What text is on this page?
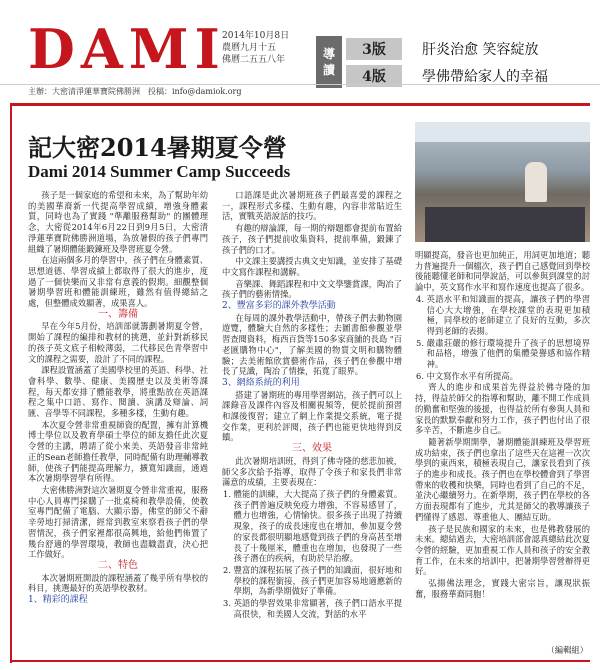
DAMI
2014年10月8日
農曆九月十五
佛曆二五五八年	導
讀
3版	肝炎治愈 笑容綻放
4版	學佛帶給家人的幸福
主辦：大密清淨蓮華寶院佛勝洲　投稿：info@damiok.org
記大密2014暑期夏令營
Dami 2014 Summer Camp Succeeds

孩子是一個家庭的希望和未來，為了幫助年幼的美國華裔新一代提高學習成績，增強身體素質，同時也為了實踐 "準離服務幫助" 的團體理念，大密從2014年6月22日到9月5日，大密清淨蓮華寶院佛勝洲道場，為放暑假的孩子們專門組織了暑期體能鍛鍊班及學習班夏令營。

在這兩個多月的學習中，孩子們在身體素質、思想道德、學習成績上都取得了很大的進步，度過了一個快樂而又非常有意義的假期。細觀整個暑期學習班和體能訓練班，雖然有值得總結之處，但整體成效顯著，成果喜人。

一、籌備

早在今年5月份，培訓部就籌劃暑期夏令營，開始了課程的編排和教材的挑選，並針對新移民的孩子英文底子相較薄弱，二代移民色青學習中文的課程之需要，設計了不同的課程。

課程設置涵蓋了美國學校里的英語、科學、社會科學、數學、健康、美國歷史以及美術等課程，每天都安排了體能教學，將重點放在英語課程之集中口語、寫作、閱讀、演講及辯論、詞匯、音學等不同課程，多種多樣，生動有趣。

本次夏令營非常重視師資的配置，擁有計算機博士學位以及教育學碩士學位的師友擔任此次夏令營的主講，聘請了從小來美、英語發音非常純正的Sean老師擔任教學，同時配備有助理輔導教師，使孩子們能提高理解力，擴寬知識面，通過本次暑期學習學有所得。

大密佛勝洲對這次暑期夏令營非常重視，服務中心人員專門採購了一批桌椅和教學設備，使教室專門配備了電腦、大顯示器，佛堂的師父不辭辛勞地打掃清潔，經常到教室來察看孩子們的學習情況，孩子們家裡都很高興地，給他們佈置了幾台舒適的學習環境，教師也盡職盡責，決心把工作做好。

二、特色

本次暑期班開設的課程涵蓋了幾乎所有學校的科目，挑選最好的英語學校教材。

1、精彩的課程

口語課是此次暑期班孩子們最喜愛的課程之一，課程形式多樣、生動有趣，內容非常貼近生活，實戰英語說話的技巧。

有趣的辯論課，每一期的辯題都會提前布置給孩子，孩子們提前收集資料，提前準備，鍛鍊了孩子們的口才。

中文課主要講授古典文史知識，並安排了基礎中文寫作課程和講解。

音樂課、舞蹈課程和中文文學鑒賞課，陶冶了孩子們的藝術情操。

2、豐富多彩的課外教學活動

在每周的課外教學活動中，帶孩子們去動物園遊覽，體驗大自然的多樣性；去圖書館參觀並學習查閱資料，梅西百貨等150多家商舖的長島 "百老匯購物中心"，了解美國的物質文明和購物體驗；去美術館欣賞藝術作品，孩子們在參觀中增長了見識，陶冶了情操，拓寬了眼界。

3、網絡系統的利用

搭建了暑期班的專用學習網站，孩子們可以上課錄音及課件內容及相關視頻等，便於提前預習和課後復習；建立了網上作業提交系統，電子提交作業，更利於評閱，孩子們也能更快地得到反饋。

三、效果

此次暑期培訓班，得到了佛寺隆的慈悲加被，師父多次給予指導，取得了令孩子和家長們非常滿意的成績，主要表現在：

1. 體能的訓練，大大提高了孩子們的身體素質。孩子們普遍反映免疫力增強，不容易感冒了，體力也增強，心情愉快。很多孩子出現了持續現象，孩子的成長速度也在增加，參加夏令營的家長都很明顯地感覺到孩子們的身高甚至增長了十幾厘米，體重也在增加，也發現了一些孩子潛在的疾病，有助於早治療。
2. 豐富的課程拓展了孩子們的知識面，很好地和學校的課程銜接，孩子們更加容易地適應新的學期，為新學期做好了準備。
3. 英語的學習效果非常顯著，孩子們口語水平提高很快，和美國人交流，對話的水平

明顯提高，發音也更加純正，用詞更加地道；聽力普遍提升一個檔次，孩子們自己感覺回到學校後能聽懂老師和同學說話，可以參與到課堂的討論中，英文寫作水平和寫作速度也提高了很多。

4. 英語水平和知識面的提高，讓孩子們的學習信心大大增強，在學校課堂的表現更加積極，同學校的老師建立了良好的互動，多次得到老師的表揚。
5. 嚴肅莊嚴的修行環境提升了孩子的思想境界和品格，增強了他們的集體榮譽感和協作精神。
6. 中文寫作水平有所提高。

齊人的進步和成果首先得益於佛寺隆的加持，得益於師父的指導和幫助，離不開工作成員的勤奮和堅強的後援，也得益於所有參與人員和家長的默默奉獻和努力工作，孩子們也付出了很多辛苦，不斷進步自己。

隨著新學期開學，暑期體能訓練班及學習班成功結束，孩子們也拿出了這些天在這裡一次次學到的東西來，積極表現自己，讓家長看到了孩子的進步和成長。孩子們也在學校體會到了學習帶來的收穫和快樂，同時也看到了自己的不足，並決心繼續努力。在新學期，孩子們在學校的各方面表現都有了進步，尤其是師父的教導讓孩子們懂得了感恩、尊重他人、團結互助。

孩子是民族和國家的未來，也是佛教發展的未來。總結過去，大密培訓部會認真總結此次夏令營的經驗，更加重視工作人員和孩子的安全教育工作，在未來的培訓中，把暑期學習營辦得更好。

弘揚佛法理念，實踐大密宗旨，讓現狀振奮，服務華裔同胞！

（編輯組）
